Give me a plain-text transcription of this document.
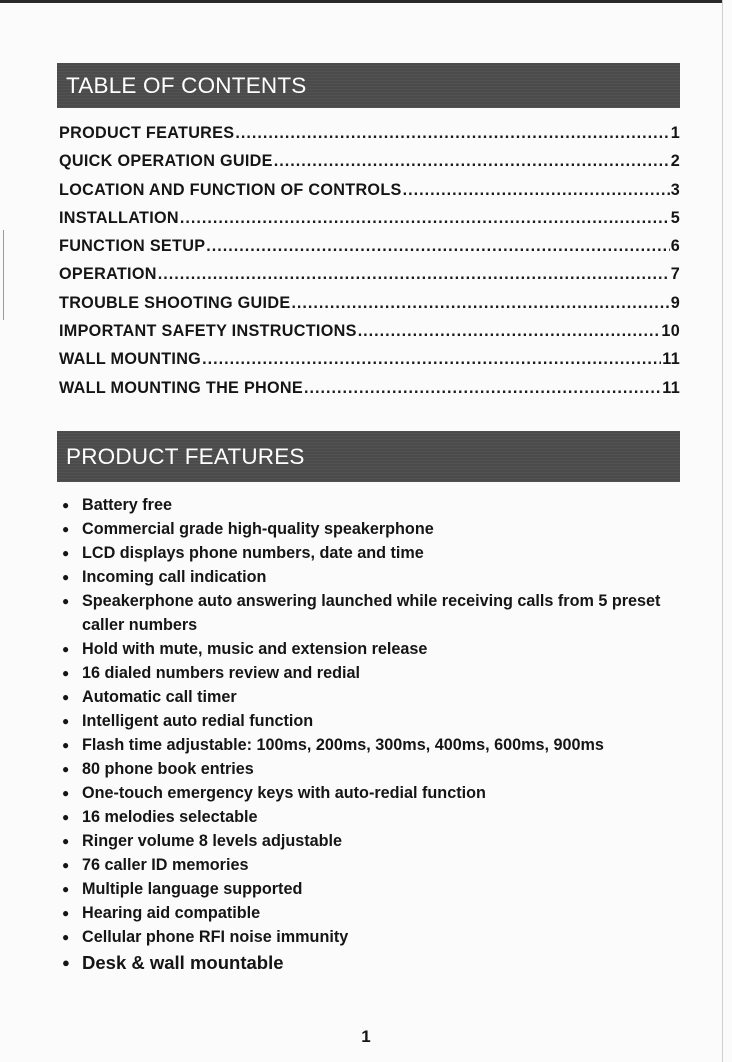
TABLE OF CONTENTS
PRODUCT FEATURES .....	1
QUICK OPERATION GUIDE .....	2
LOCATION AND FUNCTION OF CONTROLS .....	3
INSTALLATION .....	5
FUNCTION SETUP .....	6
OPERATION .....	7
TROUBLE SHOOTING GUIDE .....	9
IMPORTANT SAFETY INSTRUCTIONS .....	10
WALL MOUNTING .....	11
WALL MOUNTING THE PHONE .....	11
PRODUCT FEATURES
● Battery free
● Commercial grade high-quality speakerphone
● LCD displays phone numbers, date and time
● Incoming call indication
● Speakerphone auto answering launched while receiving calls from 5 preset caller numbers
● Hold with mute, music and extension release
● 16 dialed numbers review and redial
● Automatic call timer
● Intelligent auto redial function
● Flash time adjustable: 100ms, 200ms, 300ms, 400ms, 600ms, 900ms
● 80 phone book entries
● One-touch emergency keys with auto-redial function
● 16 melodies selectable
● Ringer volume 8 levels adjustable
● 76 caller ID memories
● Multiple language supported
● Hearing aid compatible
● Cellular phone RFI noise immunity
● Desk & wall mountable
1
